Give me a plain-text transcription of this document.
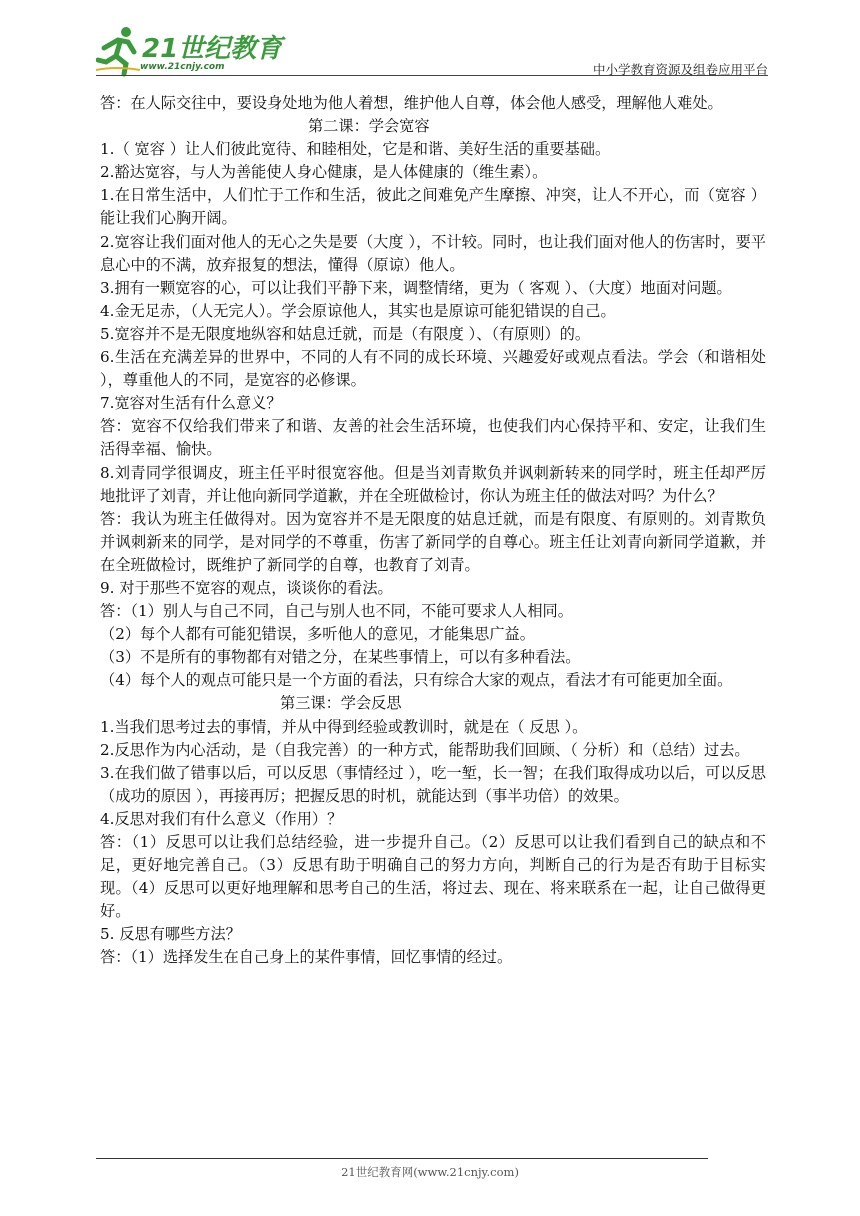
21世纪教育
www.21cnjy.com	中小学教育资源及组卷应用平台

答：在人际交往中，要设身处地为他人着想，维护他人自尊，体会他人感受，理解他人难处。

第二课：学会宽容

1.（ 宽容 ）让人们彼此宽待、和睦相处，它是和谐、美好生活的重要基础。

2.豁达宽容，与人为善能使人身心健康，是人体健康的（维生素）。

1.在日常生活中，人们忙于工作和生活，彼此之间难免产生摩擦、冲突，让人不开心，而（宽容 ）能让我们心胸开阔。

2.宽容让我们面对他人的无心之失是要（大度 ），不计较。同时，也让我们面对他人的伤害时，要平息心中的不满，放弃报复的想法，懂得（原谅）他人。

3.拥有一颗宽容的心，可以让我们平静下来，调整情绪，更为（ 客观 ）、（大度）地面对问题。

4.金无足赤，（人无完人）。学会原谅他人，其实也是原谅可能犯错误的自己。

5.宽容并不是无限度地纵容和姑息迁就，而是（有限度 ）、（有原则）的。

6.生活在充满差异的世界中，不同的人有不同的成长环境、兴趣爱好或观点看法。学会（和谐相处 ），尊重他人的不同，是宽容的必修课。

7.宽容对生活有什么意义？

答：宽容不仅给我们带来了和谐、友善的社会生活环境，也使我们内心保持平和、安定，让我们生活得幸福、愉快。

8.刘青同学很调皮，班主任平时很宽容他。但是当刘青欺负并讽刺新转来的同学时，班主任却严厉地批评了刘青，并让他向新同学道歉，并在全班做检讨，你认为班主任的做法对吗？为什么？

答：我认为班主任做得对。因为宽容并不是无限度的姑息迁就，而是有限度、有原则的。刘青欺负并讽刺新来的同学，是对同学的不尊重，伤害了新同学的自尊心。班主任让刘青向新同学道歉，并在全班做检讨，既维护了新同学的自尊，也教育了刘青。

9. 对于那些不宽容的观点，谈谈你的看法。

答：（1）别人与自己不同，自己与别人也不同，不能可要求人人相同。

（2）每个人都有可能犯错误，多听他人的意见，才能集思广益。

（3）不是所有的事物都有对错之分，在某些事情上，可以有多种看法。

（4）每个人的观点可能只是一个方面的看法，只有综合大家的观点，看法才有可能更加全面。

第三课：学会反思

1.当我们思考过去的事情，并从中得到经验或教训时，就是在（ 反思 ）。

2.反思作为内心活动，是（自我完善）的一种方式，能帮助我们回顾、（ 分析）和（总结）过去。

3.在我们做了错事以后，可以反思（事情经过 ），吃一堑，长一智；在我们取得成功以后，可以反思（成功的原因 ），再接再厉；把握反思的时机，就能达到（事半功倍）的效果。

4.反思对我们有什么意义（作用）？

答：（1）反思可以让我们总结经验，进一步提升自己。（2）反思可以让我们看到自己的缺点和不足，更好地完善自己。（3）反思有助于明确自己的努力方向，判断自己的行为是否有助于目标实现。（4）反思可以更好地理解和思考自己的生活，将过去、现在、将来联系在一起，让自己做得更好。

5. 反思有哪些方法？

答：（1）选择发生在自己身上的某件事情，回忆事情的经过。

21世纪教育网(www.21cnjy.com)
